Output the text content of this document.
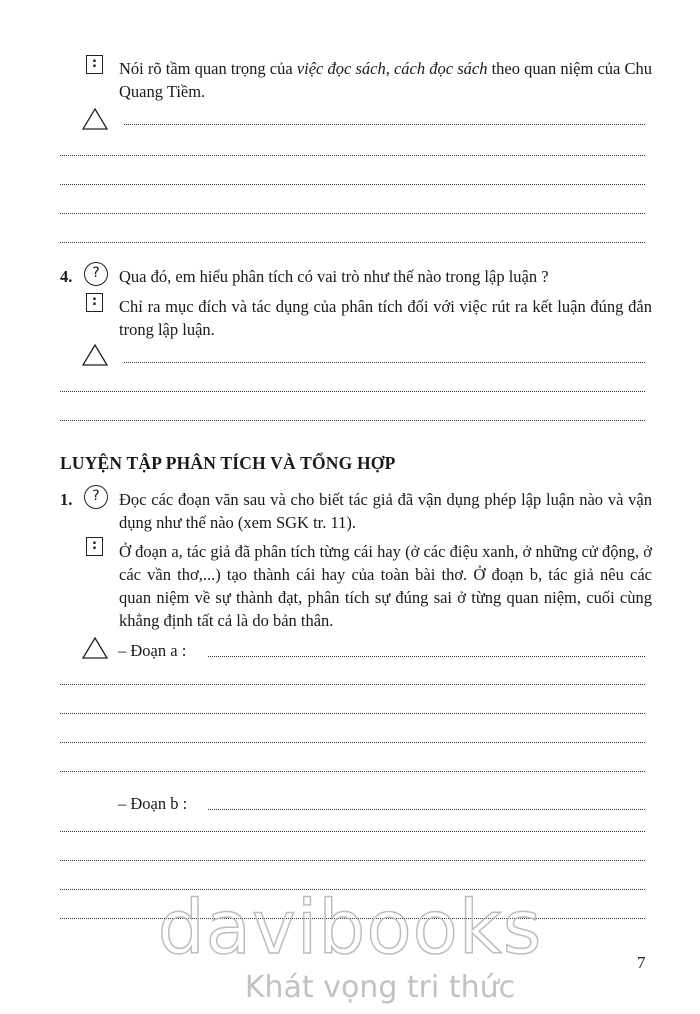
:	Nói rõ tầm quan trọng của việc đọc sách, cách đọc sách theo quan niệm của Chu Quang Tiềm.
4.	?	Qua đó, em hiểu phân tích có vai trò như thế nào trong lập luận ?
:	Chỉ ra mục đích và tác dụng của phân tích đối với việc rút ra kết luận đúng đắn trong lập luận.
LUYỆN TẬP PHÂN TÍCH VÀ TỔNG HỢP
1.	?	Đọc các đoạn văn sau và cho biết tác giả đã vận dụng phép lập luận nào và vận dụng như thế nào (xem SGK tr. 11).
:	Ở đoạn a, tác giả đã phân tích từng cái hay (ở các điệu xanh, ở những cử động, ở các vần thơ,...) tạo thành cái hay của toàn bài thơ. Ở đoạn b, tác giả nêu các quan niệm về sự thành đạt, phân tích sự đúng sai ở từng quan niệm, cuối cùng khẳng định tất cả là do bản thân.
– Đoạn a :
– Đoạn b :
davibooks
Khát vọng tri thức
7
